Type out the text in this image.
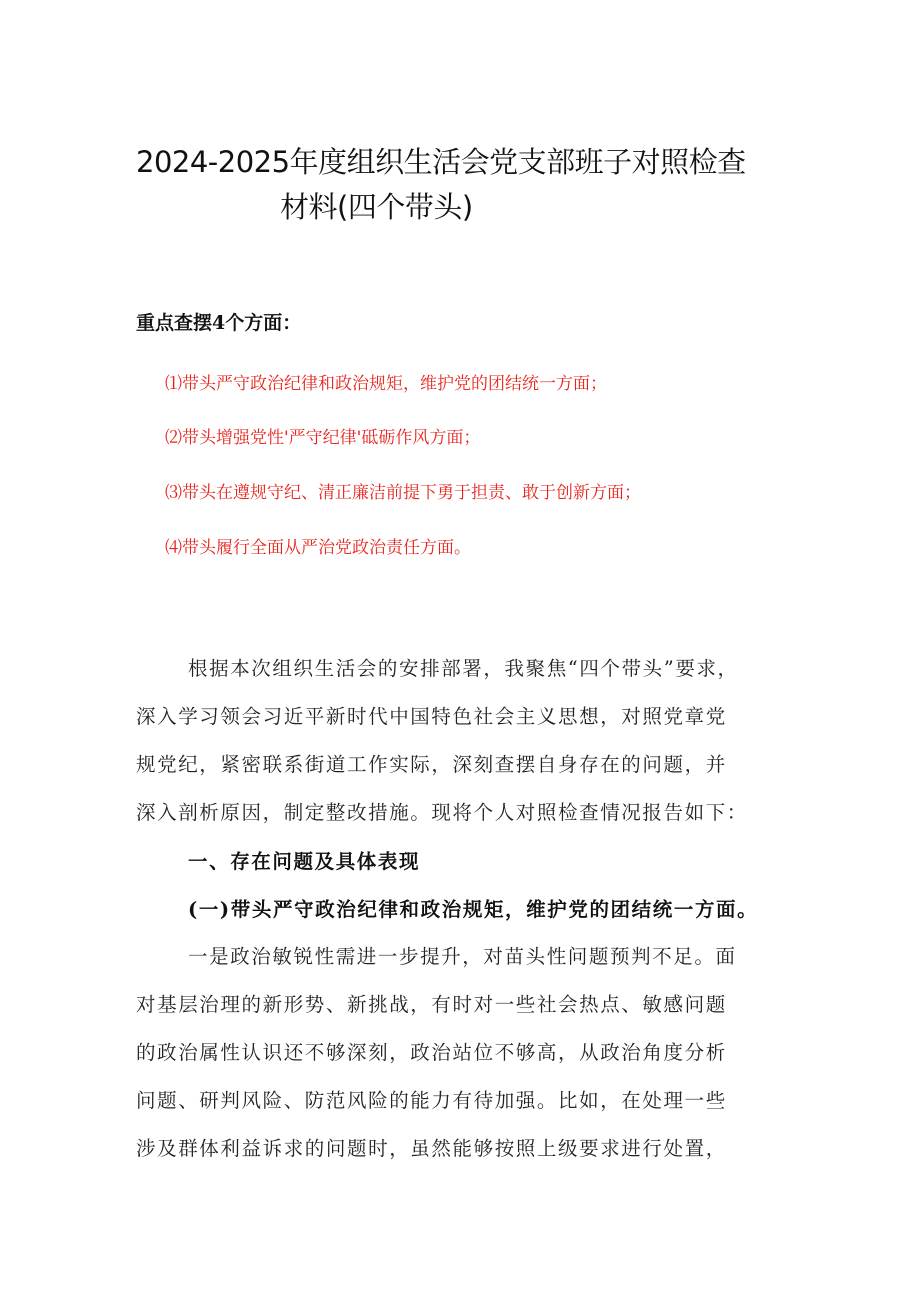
2024-2025年度组织生活会党支部班子对照检查
材料(四个带头)
重点查摆4个方面：
⑴带头严守政治纪律和政治规矩，维护党的团结统一方面；
⑵带头增强党性'严守纪律'砥砺作风方面；
⑶带头在遵规守纪、清正廉洁前提下勇于担责、敢于创新方面；
⑷带头履行全面从严治党政治责任方面。
根据本次组织生活会的安排部署，我聚焦“四个带头”要求，
深入学习领会习近平新时代中国特色社会主义思想，对照党章党
规党纪，紧密联系街道工作实际，深刻查摆自身存在的问题，并
深入剖析原因，制定整改措施。现将个人对照检查情况报告如下：
一、存在问题及具体表现
(一)带头严守政治纪律和政治规矩，维护党的团结统一方面。
一是政治敏锐性需进一步提升，对苗头性问题预判不足。面
对基层治理的新形势、新挑战，有时对一些社会热点、敏感问题
的政治属性认识还不够深刻，政治站位不够高，从政治角度分析
问题、研判风险、防范风险的能力有待加强。比如，在处理一些
涉及群体利益诉求的问题时，虽然能够按照上级要求进行处置，
